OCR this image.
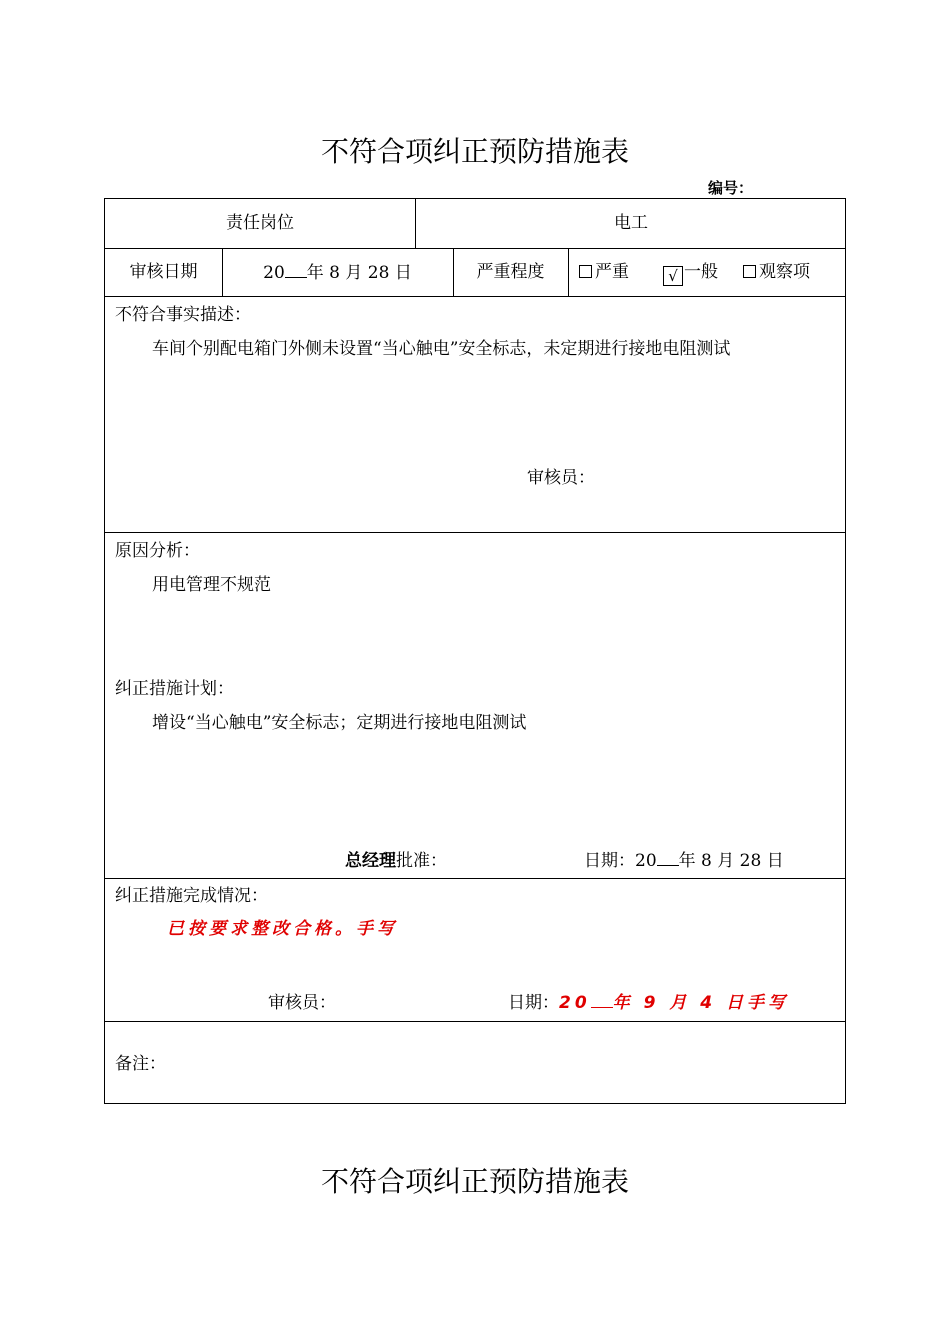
不符合项纠正预防措施表
编号：
责任岗位	电工
审核日期	20 年 8 月 28 日	严重程度	严重	√ 一般	观察项
不符合事实描述：
车间个别配电箱门外侧未设置“当心触电”安全标志，未定期进行接地电阻测试
审核员：
原因分析：
用电管理不规范
纠正措施计划：
增设“当心触电”安全标志；定期进行接地电阻测试
总经理批准：	日期：20 年 8 月 28 日
纠正措施完成情况：
已按要求整改合格。手写
审核员：	日期：20 年 9 月 4 日手写
备注：
不符合项纠正预防措施表
